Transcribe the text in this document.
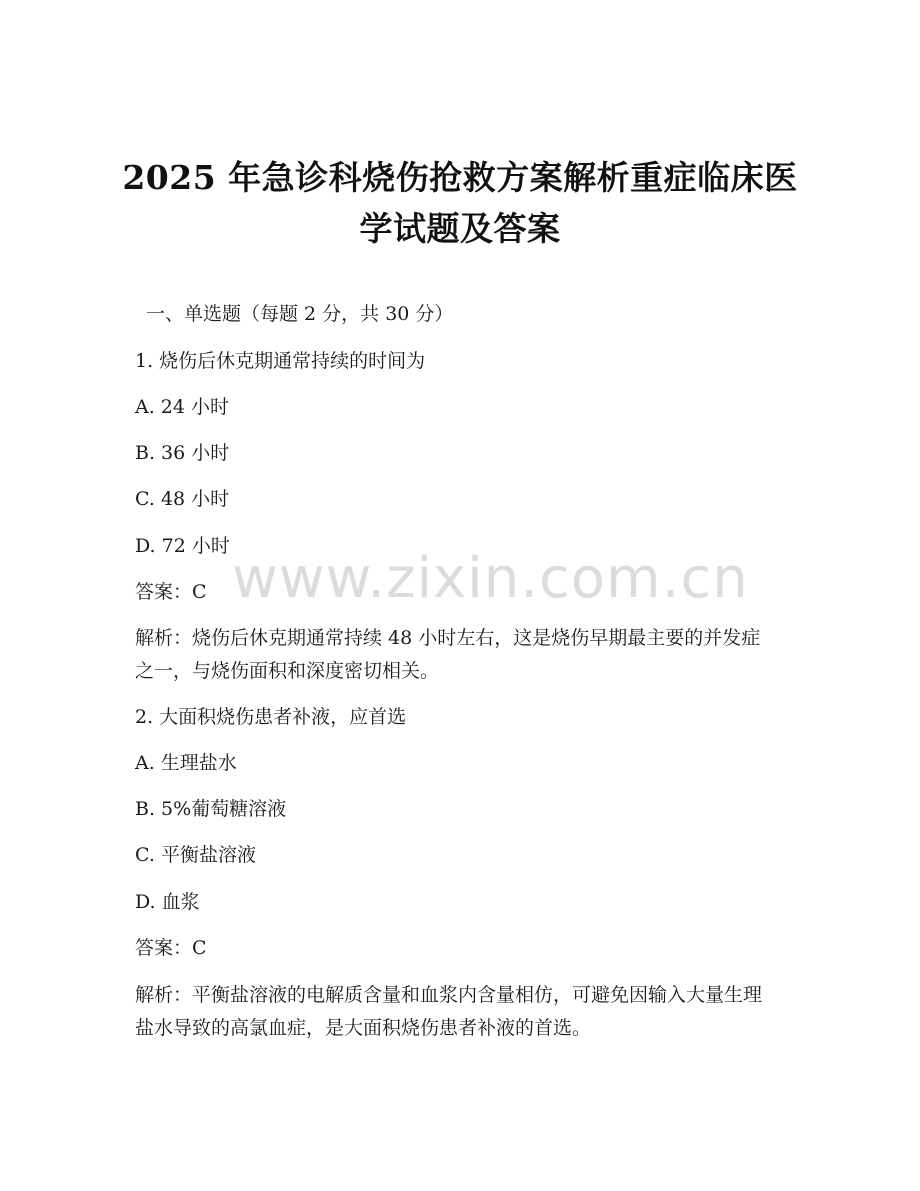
www.zixin.com.cn
2025 年急诊科烧伤抢救方案解析重症临床医
学试题及答案

一、单选题（每题 2 分，共 30 分）

1. 烧伤后休克期通常持续的时间为

A. 24 小时

B. 36 小时

C. 48 小时

D. 72 小时

答案：C

解析：烧伤后休克期通常持续 48 小时左右，这是烧伤早期最主要的并发症之一，与烧伤面积和深度密切相关。

2. 大面积烧伤患者补液，应首选

A. 生理盐水

B. 5%葡萄糖溶液

C. 平衡盐溶液

D. 血浆

答案：C

解析：平衡盐溶液的电解质含量和血浆内含量相仿，可避免因输入大量生理盐水导致的高氯血症，是大面积烧伤患者补液的首选。
